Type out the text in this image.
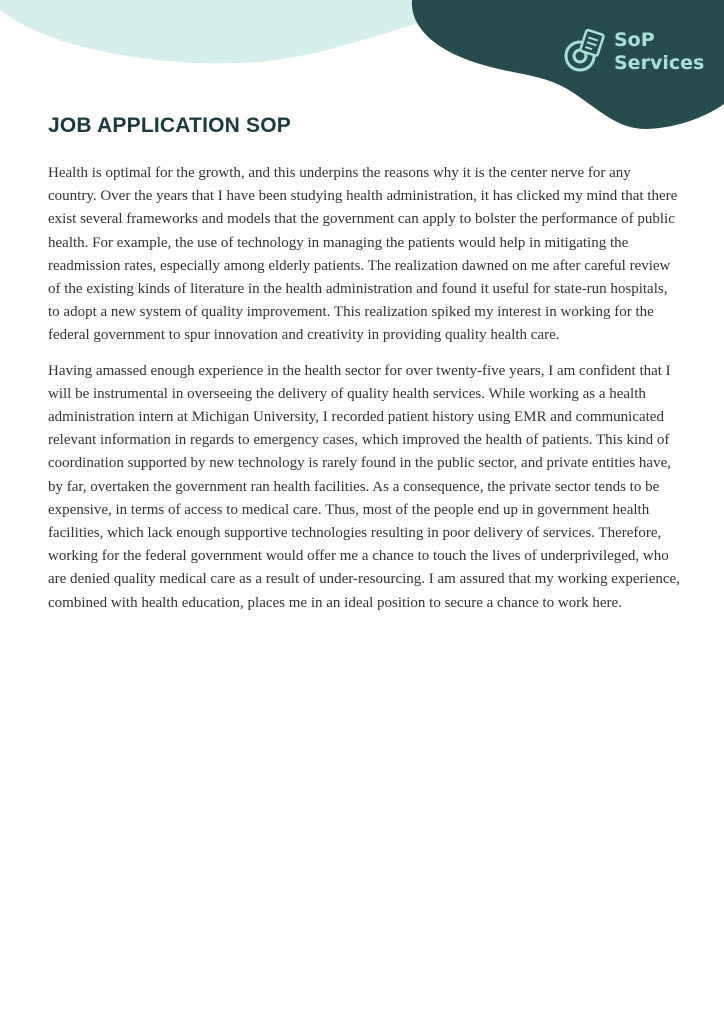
SoP
Services
JOB APPLICATION SOP

Health is optimal for the growth, and this underpins the reasons why it is the center nerve for any country. Over the years that I have been studying health administration, it has clicked my mind that there exist several frameworks and models that the government can apply to bolster the performance of public health. For example, the use of technology in managing the patients would help in mitigating the readmission rates, especially among elderly patients. The realization dawned on me after careful review of the existing kinds of literature in the health administration and found it useful for state-run hospitals, to adopt a new system of quality improvement. This realization spiked my interest in working for the federal government to spur innovation and creativity in providing quality health care.

Having amassed enough experience in the health sector for over twenty-five years, I am confident that I will be instrumental in overseeing the delivery of quality health services. While working as a health administration intern at Michigan University, I recorded patient history using EMR and communicated relevant information in regards to emergency cases, which improved the health of patients. This kind of coordination supported by new technology is rarely found in the public sector, and private entities have, by far, overtaken the government ran health facilities. As a consequence, the private sector tends to be expensive, in terms of access to medical care. Thus, most of the people end up in government health facilities, which lack enough supportive technologies resulting in poor delivery of services. Therefore, working for the federal government would offer me a chance to touch the lives of underprivileged, who are denied quality medical care as a result of under-resourcing. I am assured that my working experience, combined with health education, places me in an ideal position to secure a chance to work here.
